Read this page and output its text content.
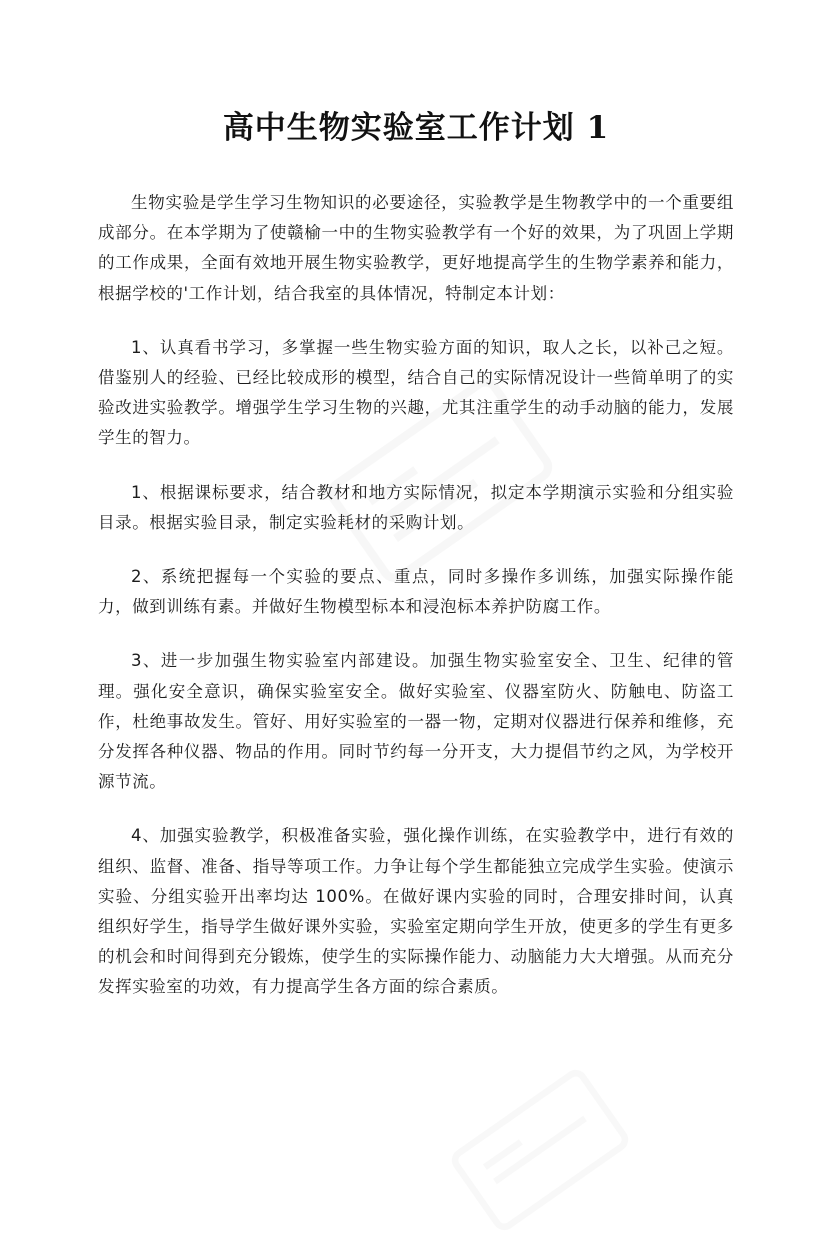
高中生物实验室工作计划 1

生物实验是学生学习生物知识的必要途径，实验教学是生物教学中的一个重要组成部分。在本学期为了使赣榆一中的生物实验教学有一个好的效果，为了巩固上学期的工作成果，全面有效地开展生物实验教学，更好地提高学生的生物学素养和能力，根据学校的'工作计划，结合我室的具体情况，特制定本计划：

1、认真看书学习，多掌握一些生物实验方面的知识，取人之长，以补己之短。借鉴别人的经验、已经比较成形的模型，结合自己的实际情况设计一些简单明了的实验改进实验教学。增强学生学习生物的兴趣，尤其注重学生的动手动脑的能力，发展学生的智力。

1、根据课标要求，结合教材和地方实际情况，拟定本学期演示实验和分组实验目录。根据实验目录，制定实验耗材的采购计划。

2、系统把握每一个实验的要点、重点，同时多操作多训练，加强实际操作能力，做到训练有素。并做好生物模型标本和浸泡标本养护防腐工作。

3、进一步加强生物实验室内部建设。加强生物实验室安全、卫生、纪律的管理。强化安全意识，确保实验室安全。做好实验室、仪器室防火、防触电、防盗工作，杜绝事故发生。管好、用好实验室的一器一物，定期对仪器进行保养和维修，充分发挥各种仪器、物品的作用。同时节约每一分开支，大力提倡节约之风，为学校开源节流。

4、加强实验教学，积极准备实验，强化操作训练，在实验教学中，进行有效的组织、监督、准备、指导等项工作。力争让每个学生都能独立完成学生实验。使演示实验、分组实验开出率均达 100%。在做好课内实验的同时，合理安排时间，认真组织好学生，指导学生做好课外实验，实验室定期向学生开放，使更多的学生有更多的机会和时间得到充分锻炼，使学生的实际操作能力、动脑能力大大增强。从而充分发挥实验室的功效，有力提高学生各方面的综合素质。
